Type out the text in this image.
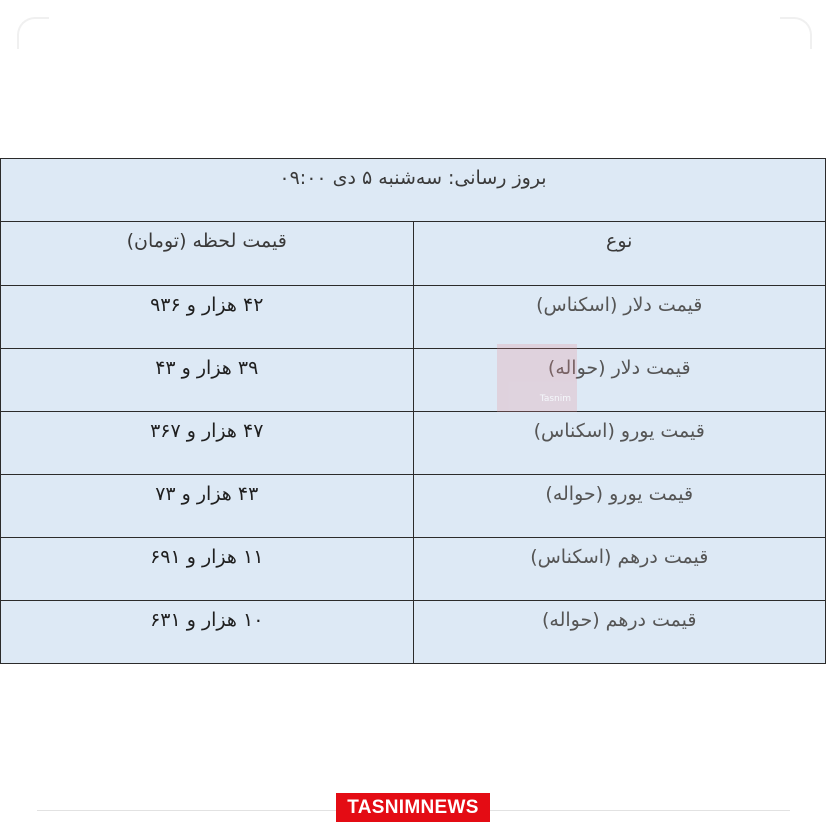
بروز رسانی: سه‌شنبه ۵ دی ۰۹:۰۰	

نوع	قیمت لحظه (تومان)

قیمت دلار (اسکناس)	۴۲ هزار و ۹۳۶

قیمت دلار (حواله)	۳۹ هزار و ۴۳

قیمت یورو (اسکناس)	۴۷ هزار و ۳۶۷

قیمت یورو (حواله)	۴۳ هزار و ۷۳

قیمت درهم (اسکناس)	۱۱ هزار و ۶۹۱

قیمت درهم (حواله)	۱۰ هزار و ۶۳۱
Tasnim
TASNIMNEWS
